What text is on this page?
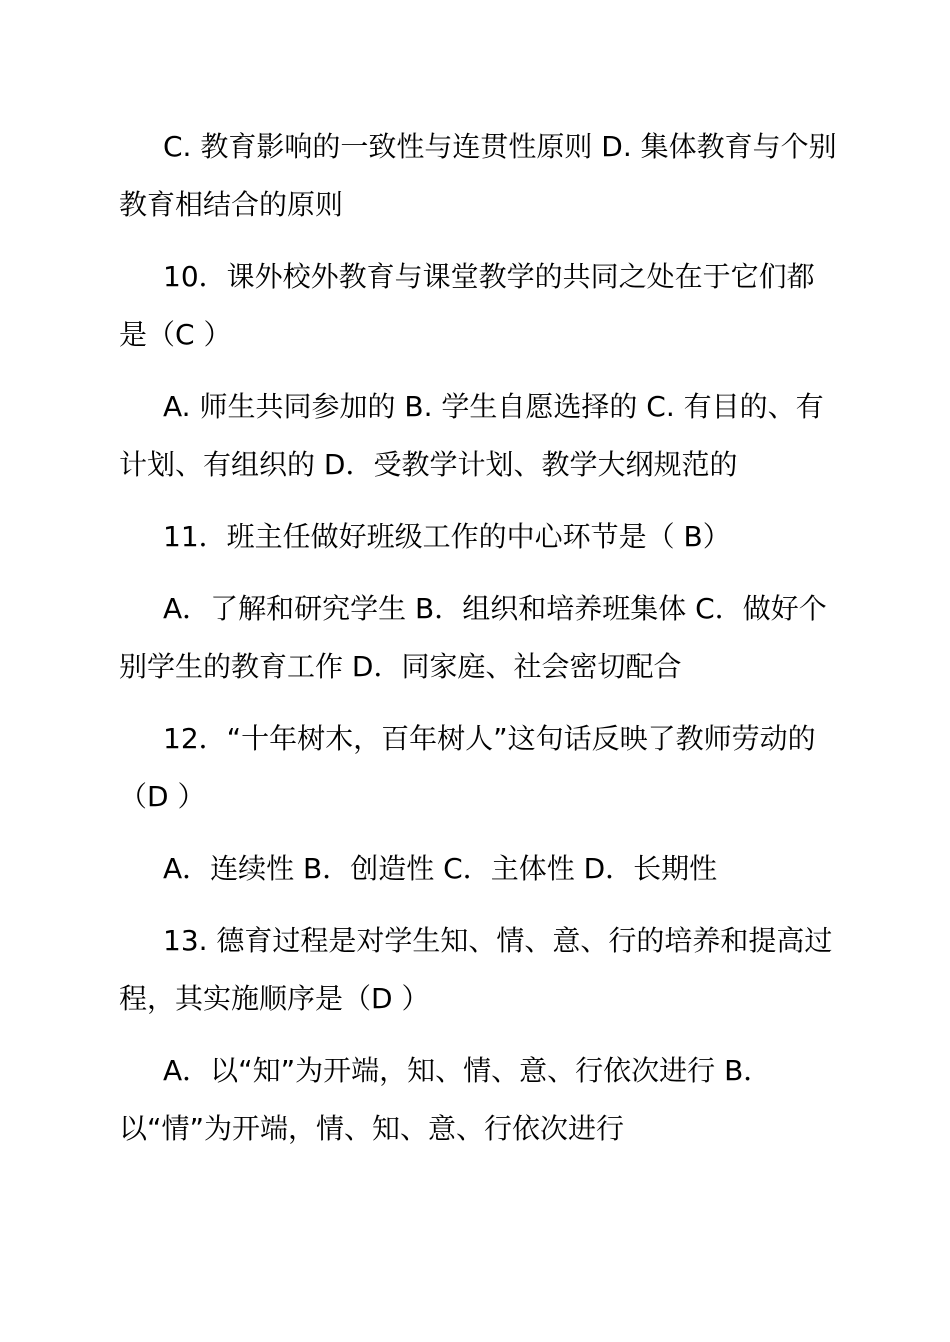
C. 教育影响的一致性与连贯性原则 D. 集体教育与个别教育相结合的原则

10．课外校外教育与课堂教学的共同之处在于它们都是（C ）

A. 师生共同参加的 B. 学生自愿选择的 C. 有目的、有计划、有组织的 D．受教学计划、教学大纲规范的

11．班主任做好班级工作的中心环节是（ B）

A．了解和研究学生 B．组织和培养班集体 C．做好个别学生的教育工作 D．同家庭、社会密切配合

12．“十年树木，百年树人”这句话反映了教师劳动的（D ）

A．连续性 B．创造性 C．主体性 D．长期性

13. 德育过程是对学生知、情、意、行的培养和提高过程，其实施顺序是（D ）

A．以“知”为开端，知、情、意、行依次进行 B．以“情”为开端，情、知、意、行依次进行
